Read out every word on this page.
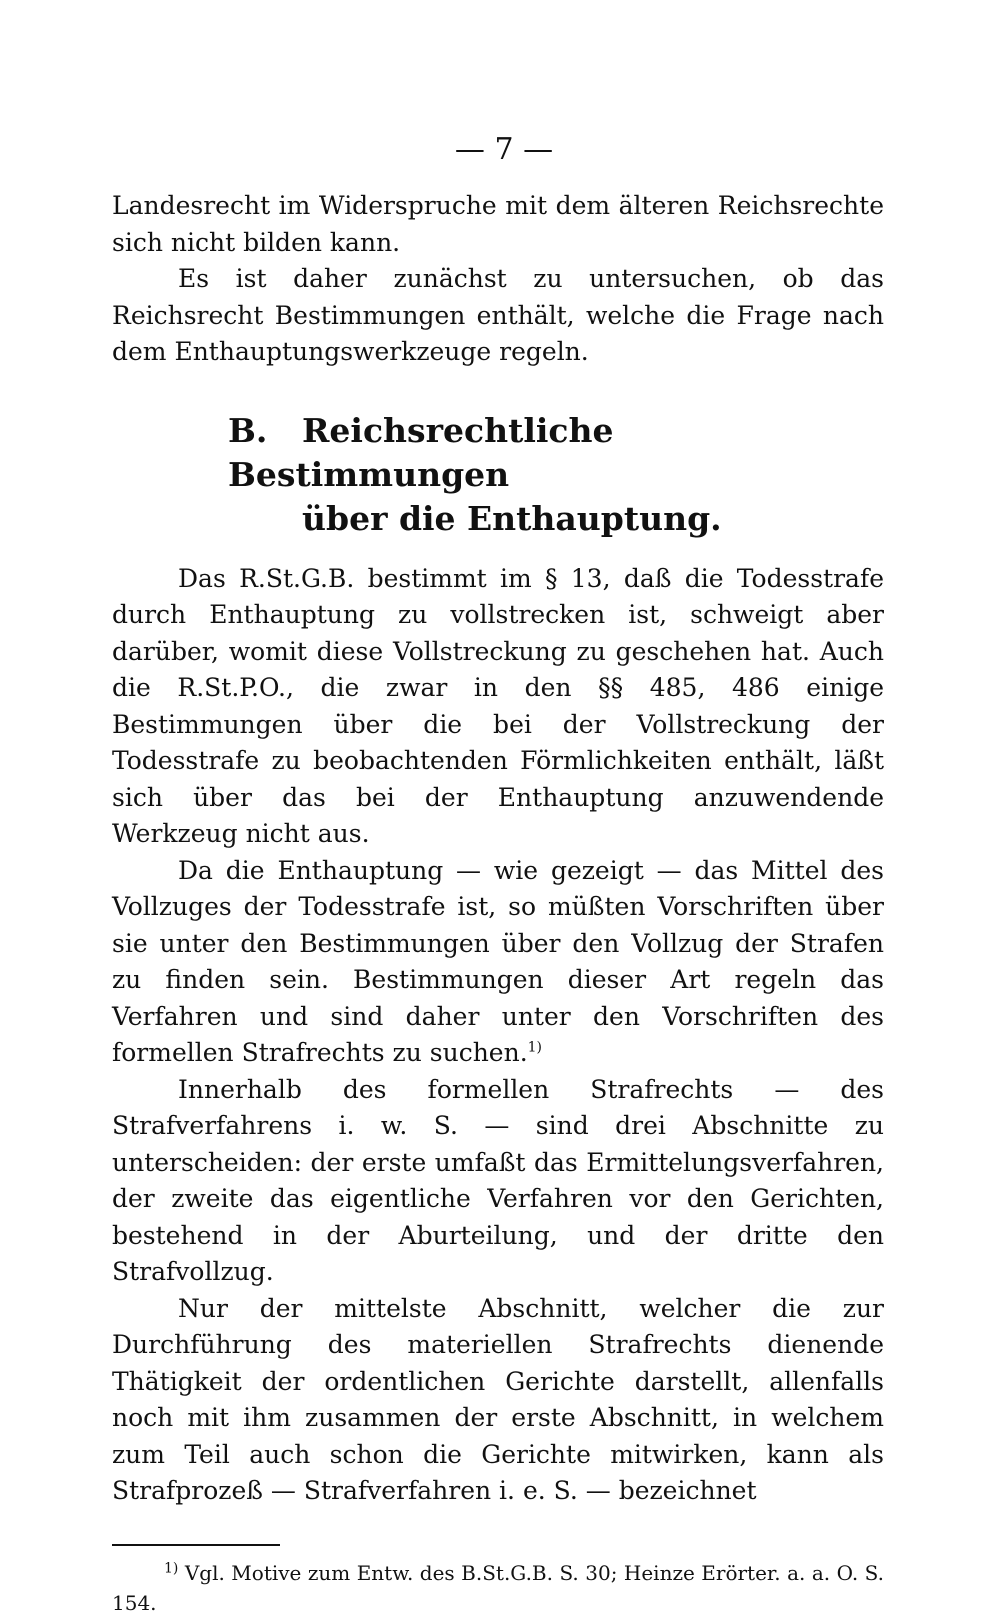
— 7 —

Landesrecht im Widerspruche mit dem älteren Reichsrechte sich nicht bilden kann.

Es ist daher zunächst zu untersuchen, ob das Reichsrecht Bestimmungen enthält, welche die Frage nach dem Enthauptungswerkzeuge regeln.

B. Reichsrechtliche Bestimmungen
über die Enthauptung.

Das R.St.G.B. bestimmt im § 13, daß die Todesstrafe durch Enthauptung zu vollstrecken ist, schweigt aber darüber, womit diese Vollstreckung zu geschehen hat. Auch die R.St.P.O., die zwar in den §§ 485, 486 einige Bestimmungen über die bei der Vollstreckung der Todesstrafe zu beobachtenden Förmlichkeiten enthält, läßt sich über das bei der Enthauptung anzuwendende Werkzeug nicht aus.

Da die Enthauptung — wie gezeigt — das Mittel des Vollzuges der Todesstrafe ist, so müßten Vorschriften über sie unter den Bestimmungen über den Vollzug der Strafen zu finden sein. Bestimmungen dieser Art regeln das Verfahren und sind daher unter den Vorschriften des formellen Strafrechts zu suchen.$^{1)}$

Innerhalb des formellen Strafrechts — des Strafverfahrens i. w. S. — sind drei Abschnitte zu unterscheiden: der erste umfaßt das Ermittelungsverfahren, der zweite das eigentliche Verfahren vor den Gerichten, bestehend in der Aburteilung, und der dritte den Strafvollzug.

Nur der mittelste Abschnitt, welcher die zur Durchführung des materiellen Strafrechts dienende Thätigkeit der ordentlichen Gerichte darstellt, allenfalls noch mit ihm zusammen der erste Abschnitt, in welchem zum Teil auch schon die Gerichte mitwirken, kann als Strafprozeß — Strafverfahren i. e. S. — bezeichnet

$^{1)}$ Vgl. Motive zum Entw. des B.St.G.B. S. 30; Heinze Erörter. a. a. O. S. 154.
